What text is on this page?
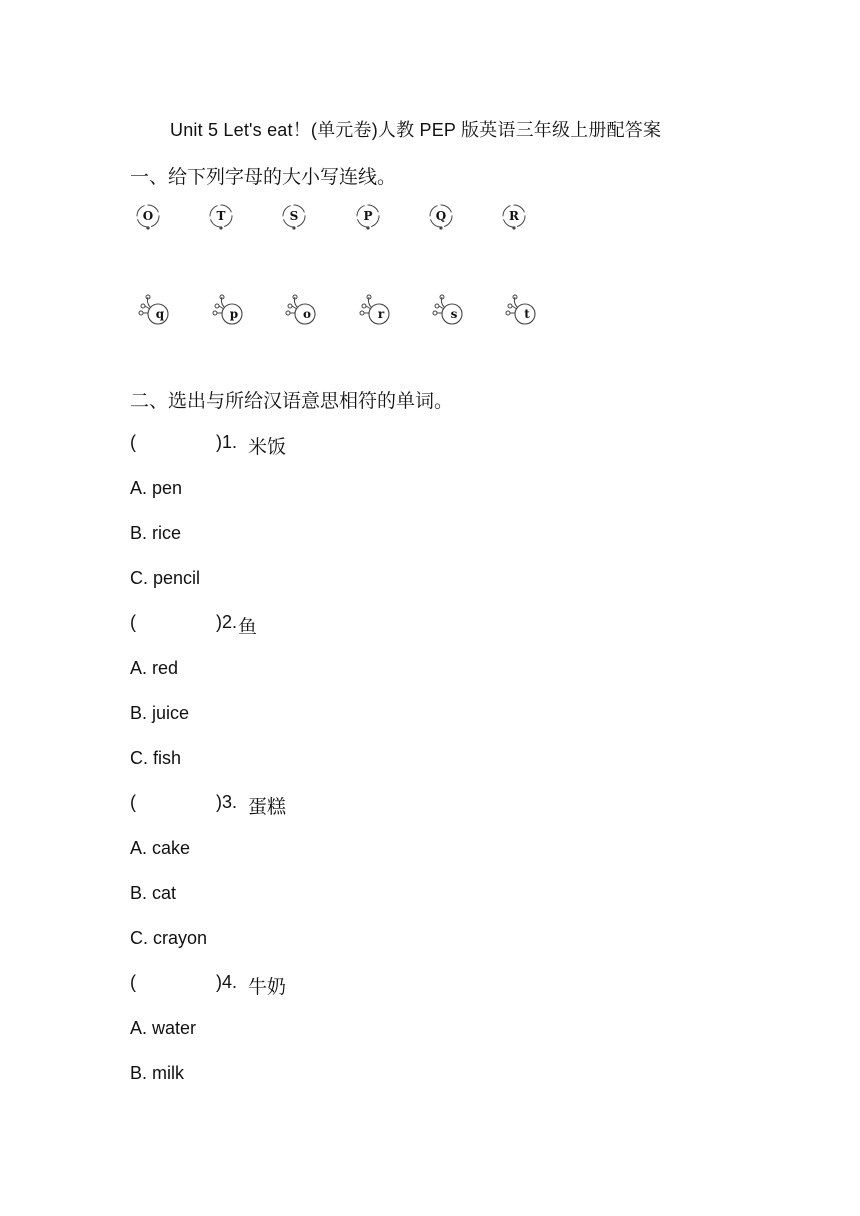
Unit 5 Let's eat！(单元卷)人教 PEP 版英语三年级上册配答案
一、给下列字母的大小写连线。
O	T	S	P	Q	R
q	p	o	r	s	t
二、选出与所给汉语意思相符的单词。
(	)1. 米饭
A. pen
B. rice
C. pencil
(	)2. 鱼
A. red
B. juice
C. fish
(	)3. 蛋糕
A. cake
B. cat
C. crayon
(	)4. 牛奶
A. water
B. milk
